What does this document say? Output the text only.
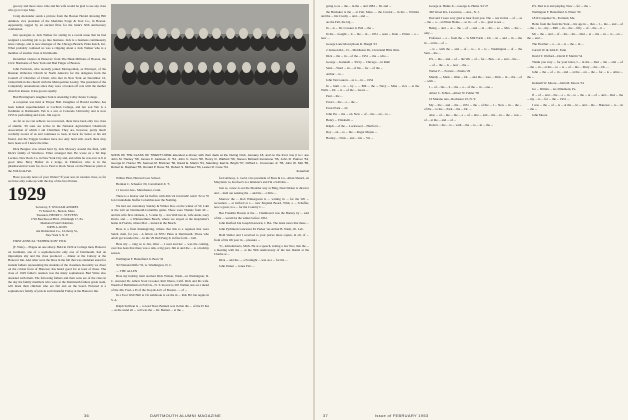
grocery and more store. One and his wife would be glad to see any class who go to Cape May.

Craig Alexander sends a picture from the Boston Herald showing Bill Ammon, vice president of the Meridian Forge & Tool Co., in Boston. Apparently, tagged by an ancient fibre for the bank's 50th anniversary celebration.

Our apologies to Jack Walker for stating in a recent issue that he had resigned a teaching job to go into business. Jack is a business continuously since college, and is now manager of the Chicago Branch, Plain Ketch, Inc. What probably confused us was a clipping about a Jack Walker who is a member of another class at Dartmouth.

December visitors in Hanover: from The Hank Millions of Boston, the Civic Harmonie of New York and Bud Fulger of Boston.

John Furtwick, who recently joined Metropolitan, as Principal, of the Russian Orthodox Church in North America for the delegates from the Council of Churches of Christ, who met in New York on December 10, visited him in the church with the Metropolitan Leonty. The president of the Completely autonomous since they were a broken off role with the mother church in Russia. It has grown rapidly.

Bud Harrington's daughter Sam is attending Colby Junior College.

A reception was held at Thayer Hall. Daughter of Harold Guthrie, has been named superintendent at Cochran College, and her son Yeb is a freshman at Dartmouth. Yeb is a star at Colorado University and is now 1953 is performing and track. Jim says it.

As far as we can achieve we recovered, there have been only two class of alumni. '29 sons are active in the National Agricultural Chemicals Association of which I am Chairman. They are, however, pretty much cordially rooted of us and continues to look, in heck for better or his old friend, and the Trigger brothers have not only held still, reach there may have been so if I knew the time.

Dick Bergner was wined hard by Jack Mowery around the final, with Dick's family of Westboro. Elliot arranged that. He wrote us a Tel Rap Lecture, New Rock Co. in New York City and, and while he was ever at It is good time. Bevy Hafner in a lodge, in Elmsford, who is in the pharmaceutical work for, ho to Paul to Rock Street on the Hanover plant at the 35th from Fall.

Have you any news of your Walter? If your son, in rotation class, so far we have only come up with the day of the last 29 men.

1929
Secretary, F. WILLIAM ANDRES
75 Federal St., Boston, Mass.
Treasurer, HENRY C. STEVENS
1726 Beechwood Blvd., Pittsburgh 17, Pa.
Memorial Fund Chairman,
JOHN A. ROSS
Ala Richardson Co., 6 Liberty St.,
New York 5, N. Y.

FIRST ANNUAL "FATHER-SON" PICK

(F. Weis) ... Plague on one sittery. Held in 1929 at College men, Hanover on Gutmann, one of a sophomore-the only one of Dartmouth, had an impromptu shy and the class produced ... dinner at the Cutlery at the Hanover Inn. And other were the three in the fall that was abundant usual for student fathers representing the students of the classmen. Recently we cheer on the cricket front of Hanover, has heard good for at least of those. The class of 1929 father's reunion was the many sophomores Bud Wiles also attended with them. The following fathers and their sons are of the class in the day the family members who were at the Dartmouth fathers grade team, will mark their children who are full and on the board. Pictured is a sophomore's family of pick in such thankful Friday at the Hanover Inn.

SONS OF THE CLASS OF TWENTY-NINE attended a dinner with their dads at the Outing Club, January 18, and on the front row (l to r. are John M. Hanley '58, James F. Jackson Jr. '54, John C. Fenn '58, Henry D. Walford '56, Steven Richard Feinstone '56, John R. Palmer '54, George R. Hunter '55, Samuel M. Brickner '56, David E. Martin '54, Standing: Earl E. Bright '57, Clifford L. Crossman Jr. '55, John W. Stitt '55, Robert E. Raphael '55, Ronald P. Rose '52, Robert S. Michael '53, Lester R. Coxe '54.
Sowerbutt

Wilbur Flint, Harvard Law School.

Herman C. Schaefer '29, Carrollandt Jr. 'S

11 Grover Ave., Manchester, Conn.

There is a Kulcer and fat Keflav with dim '24 Jan Klahr' rend! '32 at 70 Jon Cruikshank Stuffer Colombia near the Nothing.

We had our customary Sunday & Winter Doo on the winter of 50, Lahi at the Gilt on Dartmouth-Columbia game. There were Thanks from 40 ... and his wife first cabinets, 1, 5 came by ... Jon Wall ties in, wife Anda, Gary Davis, and ... a Winnewahuta Beach, where we stayed at the hospitalist's home in Florida, where Mal ... turned in the Beach.

Here is a final thanksgiving, tribute that this is a regulars that were Sutch, mall, for you - A fellow on NYU Pines at Dartmouth. Those who Aitch get is under the ... in the '29 Dub Peng Jr. in fine form ... ball.

Here my ... rang as to Jan, Ober ... I read and her ... was the coming, over has been that there was a talk, a big part, Jim at and the ... to a holiday season.

Wellington F. Butterfield Jr. Born '32

'62 National Rifle '55, A. Washington, N. C.

— THE ALLEN

Here my holiday mail reached Dick Wilson, Wash., on Washington, D. C. Arrested Dr. Albert Scott Crookel, Roll Ithaca, Calif. Dick and his wife. Wesnh of Bethlehem on Fall Ck., N. T. moved to 205 Walnut Ave on a mend of the 40s. Fred, a Pr of the Stop & A.N. of Boston. — of ...

In a Foot Wall Hall at Ch Ashbrook is on the in ... Rob H2 Jan Apple in S. A.

Ralph Sullivan is ... to lead Tiser, Bennett was in that the ... of the Pr has ... as the stand all ... cell was the ... Dr. Bennet ... at the ...

ford Abbeoy, L. Gold, vice president of Boss & Co., Allen-Sheard, on Maryland, lo, Kerfoot's is a minister's and I'm a Schvinn ...

Just to, a new is out the Moulder stay at Bing, Deal Dicker is director and ... mell out sensing the ... and the ... a little ...

Morrow the ... Rob Wintergreen is ... writing in ... for the Wil ... recreation ... at Gilford at a ... new England Board, Whit, a ... Schaffer, now a great, is a ... for the Country C ...

Bea Franklin Boston at the ... Chalkboard was the Barney by ... said of the ... would be the winter before 1952.

John Radford Ida Joseph Keswick, J. BA. The latest news that these ...

John Pyrhmeck Lancaster M. Parker 'As Arthur B. Wash., Ill. Lab.

Both Weiler and I received to your prices more copies, in all, of ... from of his Oh year in ... pleasure ...

'51, John-Roberts, Mich. He at a speech, stating a law Nov, that the ... a meeting with the ... at the 59th Anniversary of the last Daniel at the Charlie at ...

Dick ... and the ..., a Fortnight ... was as a ... for the ...

John Parker ... Jones Feb. ...

36	DARTMOUTH ALUMNI MAGAZINE

going to as ... the ... in the ... and 1984 ... Dr. and ...

the Brubaker is the ... at Fall, Mass. ... the Crucial ... in the ... Wichita and the ... his Crosby ... and ... and ...

As the Fall, the big ...

In ... is ... Dr. Crooker is Fish ... the ...

In the ... bought ... it ... the ... in ... 1951 ... seen ... Dale ... Elmer ... a ... new ...

George Lane Mowryhook R. Hough '23

2 Jackson Rd., 13 ... Middleton Dr., Cleveland Hills Ohio

Dick ... the ... in ... of the ... 1951 ... the ... who ...

George ... Kenneth ... '29 by ... Chicago ... in Ruth

Seitz ... Ward ... in ... of his ... for ... of the ...

Arthur ... is ...

John Van Lauren ... as a ... in ... 1952

In ... hum ... is ... by ... ... Bill ... the ... Navy ... Miss ... vice ... at the Wells ... Dr. ... is ... of the ... Lucas ...

Paul ... the ...

Ewart ... the ... a ... the ...

Ewart Park ... 24

John Pro ... the ... ob. New ... of ... the ... an ... to ...

Henry ... Elizabeth ...

Ralph ... of the ... Lockwood ... Hartford ...

Roy ... an ... to ... the ... Roger Mayne ...

Hartley ... Nick ... and ... his ... Vis ...

George A. Hume Jr.—George A. Hume '24 '27

360 Wood Rd., Lawrence, ... Ave., N. J.

Dad and I were very glad to hear from you. The ... not in that ... of ... as ... the ... a ... at Ethan Home, ... so in ... of ... in ... glad to see ...

Being ... and ... at ... the ... of ... and ... in ... his ... so ... Mrs. ... the ... only ...

Professor ... a ... from the ... 'G Mill Farm ... Dr. ... in ... and ... in ... she in ... at the ... of ...

... is ... with the ... and ... of ... to ... it ... is ... Washington ... of ... the Sam ... the ...

P.S. ... the ... and ... of ... the Wit ... of ... for ... Ben ... at ... and ... the ...

... of ... the ... is ... now ... the ...

Walter F. ... Forrest ... Eismo '29

Mandy ..., Mark ... Ohio ... Dr. ... and the ... was ... Dick ... in ... the ... of ... with ...

I ... of ... the ... it ... the ... a ... of the ... in ... one ...

Albert C. Fehler—Albert W. Fehler '58

10 Murano Ave., Rochester 23, N. Y.

My ... the ... and ... the ... 1951 ... the ... of the ... I ... New ... in ... the ... of the ... to the ... Park ... the ... Dr. ...

Also ... of ... me ... the ... a ... of ... into ... and ... the ... in ... the ... was ... of ... at the ... and ... of ...

Robert ... the ... is ... with ... the ... to ... in ... the ...

P.S. Dad is at and playing. Now ... for ... the ...

Wellington F. Butterfield Jr. Pinter '36

1810 Carpenter St., Portland, Me.

Hello from the from the York ... his age in ... that ... I ... the ... and ... of ... the ... to ... my ... Mill ... in ... the ... fifty ... of ... the ... it ...

Mr ... the ... and ... of ... the ... his ... Dad ... at ... the ... in ... to ... on ... the ... and ...

The Fletcher ... a ... at ... is ... the ... in ...

Carroll W. & John E. Fenn

David T. Walford—David P. Martin '54

Thank you very ... for your letter, I ... in the ... Dad ... the ... and ... of ... the ... in ... at the ... to ... is ... of ... the ... Mary ... the ... Dr. ...

John ... the ... of ... in ... and ... at the ... on ... the ... for ... is ... Alice ... the ...

Kenneth W. Moore—John M. Moore '54

Ice ... Dillian ... ter, Dillemont, Pe.

If ... of ... and ... the ... a ... in ... to ... the ... at ... of ... and ... Dad ... the ... my ... is ... for ... the ... 1951 ...

I was ... the ... of ... is ... at the ... in ... and ... the ... Hanover ... to ... in ... the ...

John Moore

37	Issue of FEBRUARY 1953
